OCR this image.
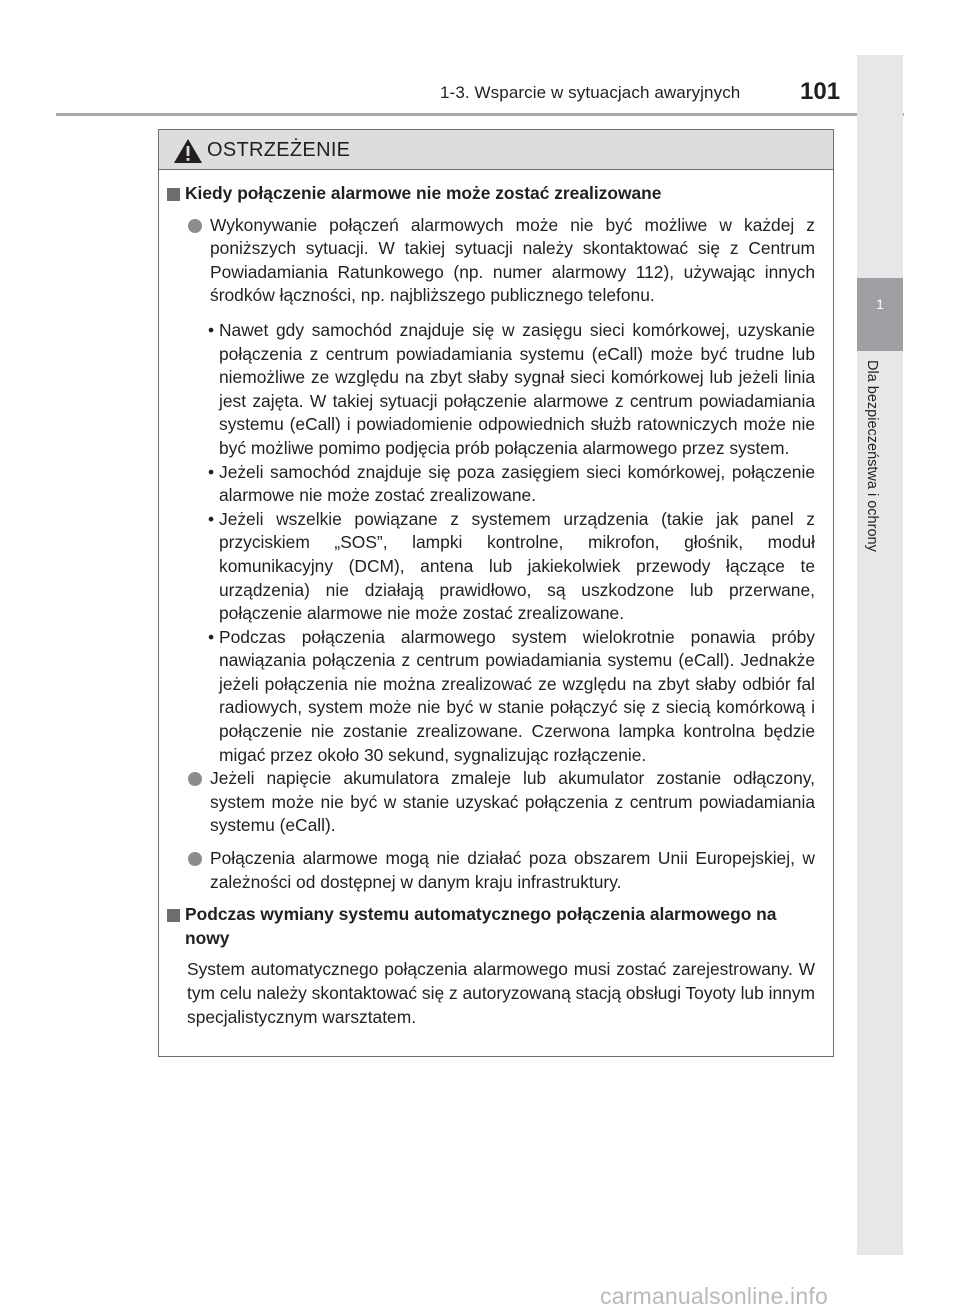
1-3. Wsparcie w sytuacjach awaryjnych 101
1
Dla bezpieczeństwa i ochrony
OSTRZEŻENIE
Kiedy połączenie alarmowe nie może zostać zrealizowane
Wykonywanie połączeń alarmowych może nie być możliwe w każdej z poniższych sytuacji. W takiej sytuacji należy skontaktować się z Centrum Powiadamiania Ratunkowego (np. numer alarmowy 112), używając innych środków łączności, np. najbliższego publicznego telefonu.
• Nawet gdy samochód znajduje się w zasięgu sieci komórkowej, uzyskanie połączenia z centrum powiadamiania systemu (eCall) może być trudne lub niemożliwe ze względu na zbyt słaby sygnał sieci komórkowej lub jeżeli linia jest zajęta. W takiej sytuacji połączenie alarmowe z centrum powiadamiania systemu (eCall) i powiadomienie odpowiednich służb ratowniczych może nie być możliwe pomimo podjęcia prób połączenia alarmowego przez system.
• Jeżeli samochód znajduje się poza zasięgiem sieci komórkowej, połączenie alarmowe nie może zostać zrealizowane.
• Jeżeli wszelkie powiązane z systemem urządzenia (takie jak panel z przyciskiem „SOS”, lampki kontrolne, mikrofon, głośnik, moduł komunikacyjny (DCM), antena lub jakiekolwiek przewody łączące te urządzenia) nie działają prawidłowo, są uszkodzone lub przerwane, połączenie alarmowe nie może zostać zrealizowane.
• Podczas połączenia alarmowego system wielokrotnie ponawia próby nawiązania połączenia z centrum powiadamiania systemu (eCall). Jednakże jeżeli połączenia nie można zrealizować ze względu na zbyt słaby odbiór fal radiowych, system może nie być w stanie połączyć się z siecią komórkową i połączenie nie zostanie zrealizowane. Czerwona lampka kontrolna będzie migać przez około 30 sekund, sygnalizując rozłączenie.
Jeżeli napięcie akumulatora zmaleje lub akumulator zostanie odłączony, system może nie być w stanie uzyskać połączenia z centrum powiadamiania systemu (eCall).
Połączenia alarmowe mogą nie działać poza obszarem Unii Europejskiej, w zależności od dostępnej w danym kraju infrastruktury.
Podczas wymiany systemu automatycznego połączenia alarmowego na nowy
System automatycznego połączenia alarmowego musi zostać zarejestrowany. W tym celu należy skontaktować się z autoryzowaną stacją obsługi Toyoty lub innym specjalistycznym warsztatem.
carmanualsonline.info
